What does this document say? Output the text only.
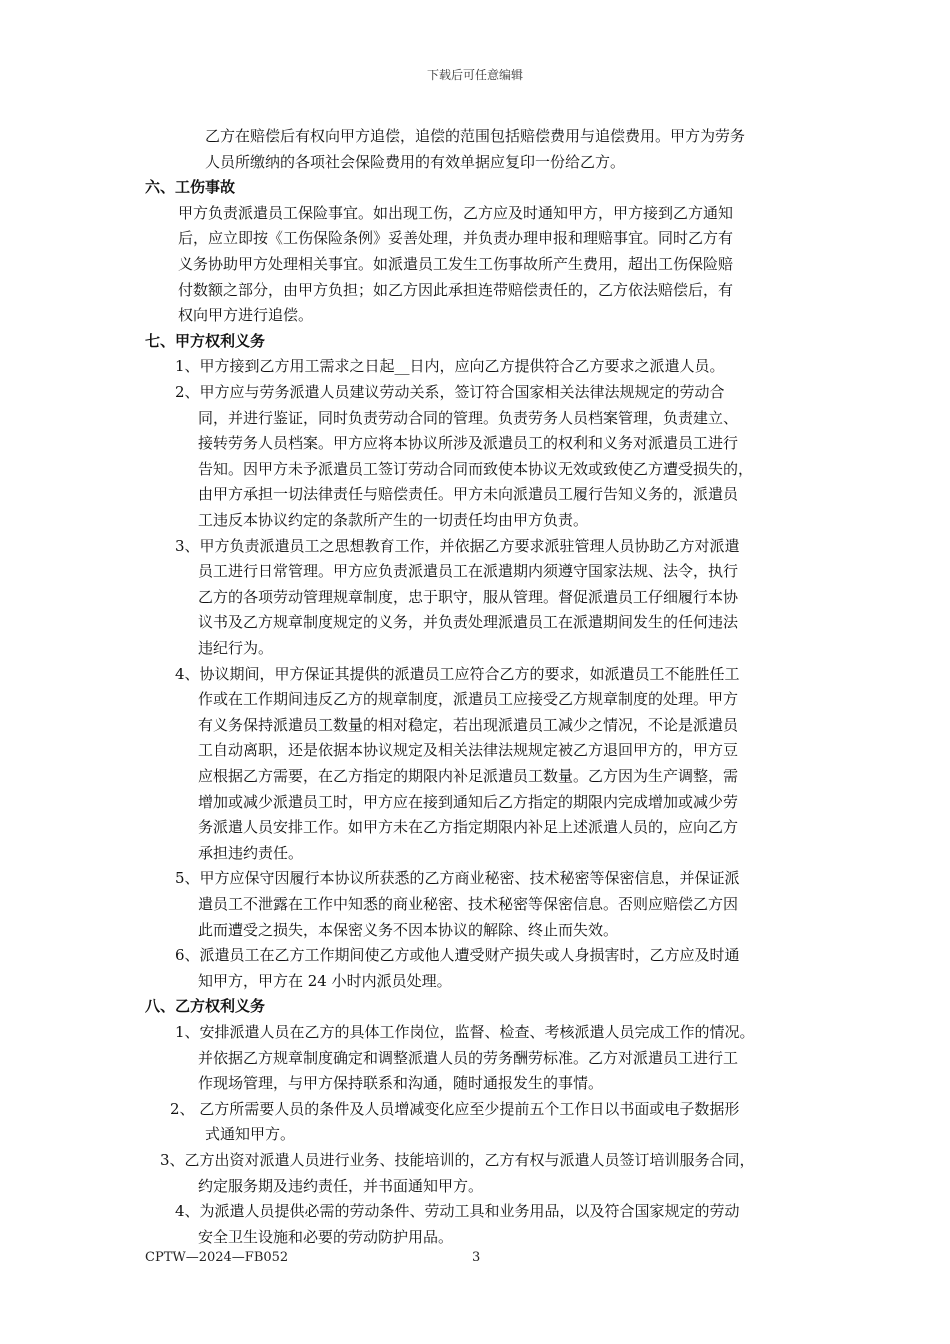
下载后可任意编辑
乙方在赔偿后有权向甲方追偿，追偿的范围包括赔偿费用与追偿费用。甲方为劳务
人员所缴纳的各项社会保险费用的有效单据应复印一份给乙方。
六、工伤事故
甲方负责派遣员工保险事宜。如出现工伤，乙方应及时通知甲方，甲方接到乙方通知
后，应立即按《工伤保险条例》妥善处理，并负责办理申报和理赔事宜。同时乙方有
义务协助甲方处理相关事宜。如派遣员工发生工伤事故所产生费用，超出工伤保险赔
付数额之部分，由甲方负担；如乙方因此承担连带赔偿责任的，乙方依法赔偿后，有
权向甲方进行追偿。
七、甲方权利义务
1、甲方接到乙方用工需求之日起__日内，应向乙方提供符合乙方要求之派遣人员。
2、甲方应与劳务派遣人员建议劳动关系，签订符合国家相关法律法规规定的劳动合
同，并进行鉴证，同时负责劳动合同的管理。负责劳务人员档案管理，负责建立、
接转劳务人员档案。甲方应将本协议所涉及派遣员工的权利和义务对派遣员工进行
告知。因甲方未予派遣员工签订劳动合同而致使本协议无效或致使乙方遭受损失的，
由甲方承担一切法律责任与赔偿责任。甲方未向派遣员工履行告知义务的，派遣员
工违反本协议约定的条款所产生的一切责任均由甲方负责。
3、甲方负责派遣员工之思想教育工作，并依据乙方要求派驻管理人员协助乙方对派遣
员工进行日常管理。甲方应负责派遣员工在派遣期内须遵守国家法规、法令，执行
乙方的各项劳动管理规章制度，忠于职守，服从管理。督促派遣员工仔细履行本协
议书及乙方规章制度规定的义务，并负责处理派遣员工在派遣期间发生的任何违法
违纪行为。
4、协议期间，甲方保证其提供的派遣员工应符合乙方的要求，如派遣员工不能胜任工
作或在工作期间违反乙方的规章制度，派遣员工应接受乙方规章制度的处理。甲方
有义务保持派遣员工数量的相对稳定，若出现派遣员工减少之情况，不论是派遣员
工自动离职，还是依据本协议规定及相关法律法规规定被乙方退回甲方的，甲方豆
应根据乙方需要，在乙方指定的期限内补足派遣员工数量。乙方因为生产调整，需
增加或减少派遣员工时，甲方应在接到通知后乙方指定的期限内完成增加或减少劳
务派遣人员安排工作。如甲方未在乙方指定期限内补足上述派遣人员的，应向乙方
承担违约责任。
5、甲方应保守因履行本协议所获悉的乙方商业秘密、技术秘密等保密信息，并保证派
遣员工不泄露在工作中知悉的商业秘密、技术秘密等保密信息。否则应赔偿乙方因
此而遭受之损失，本保密义务不因本协议的解除、终止而失效。
6、派遣员工在乙方工作期间使乙方或他人遭受财产损失或人身损害时，乙方应及时通
知甲方，甲方在 24 小时内派员处理。
八、乙方权利义务
1、安排派遣人员在乙方的具体工作岗位，监督、检查、考核派遣人员完成工作的情况。
并依据乙方规章制度确定和调整派遣人员的劳务酬劳标准。乙方对派遣员工进行工
作现场管理，与甲方保持联系和沟通，随时通报发生的事情。
2、 乙方所需要人员的条件及人员增减变化应至少提前五个工作日以书面或电子数据形
式通知甲方。
3、乙方出资对派遣人员进行业务、技能培训的，乙方有权与派遣人员签订培训服务合同，
约定服务期及违约责任，并书面通知甲方。
4、为派遣人员提供必需的劳动条件、劳动工具和业务用品，以及符合国家规定的劳动
安全卫生设施和必要的劳动防护用品。
CPTW—2024—FB052	3
